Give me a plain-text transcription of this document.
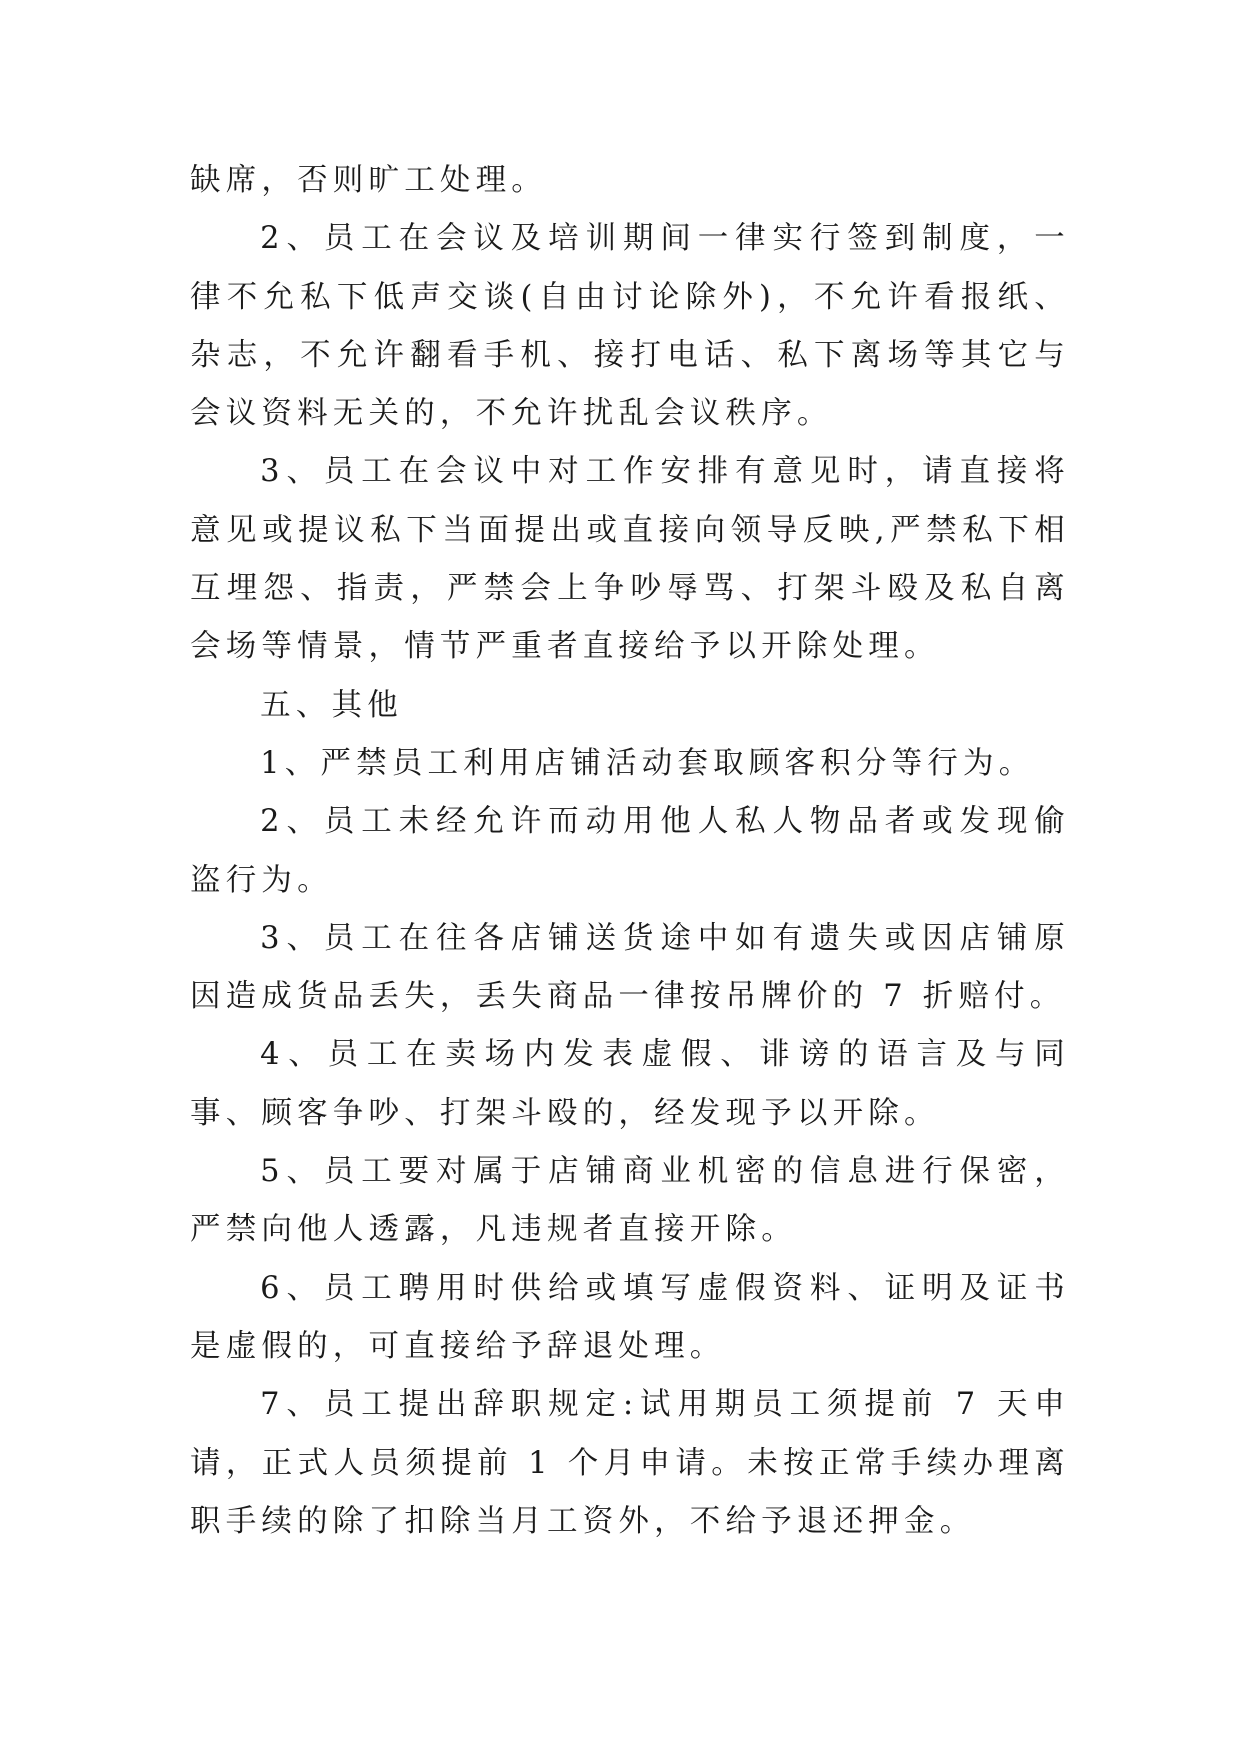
缺席，否则旷工处理。

2、员工在会议及培训期间一律实行签到制度，一律不允私下低声交谈(自由讨论除外)，不允许看报纸、杂志，不允许翻看手机、接打电话、私下离场等其它与会议资料无关的，不允许扰乱会议秩序。

3、员工在会议中对工作安排有意见时，请直接将意见或提议私下当面提出或直接向领导反映,严禁私下相互埋怨、指责，严禁会上争吵辱骂、打架斗殴及私自离会场等情景，情节严重者直接给予以开除处理。

五、其他

1、严禁员工利用店铺活动套取顾客积分等行为。

2、员工未经允许而动用他人私人物品者或发现偷盗行为。

3、员工在往各店铺送货途中如有遗失或因店铺原因造成货品丢失，丢失商品一律按吊牌价的 7 折赔付。

4、员工在卖场内发表虚假、诽谤的语言及与同事、顾客争吵、打架斗殴的，经发现予以开除。

5、员工要对属于店铺商业机密的信息进行保密，严禁向他人透露，凡违规者直接开除。

6、员工聘用时供给或填写虚假资料、证明及证书是虚假的，可直接给予辞退处理。

7、员工提出辞职规定:试用期员工须提前 7 天申请，正式人员须提前 1 个月申请。未按正常手续办理离职手续的除了扣除当月工资外，不给予退还押金。
